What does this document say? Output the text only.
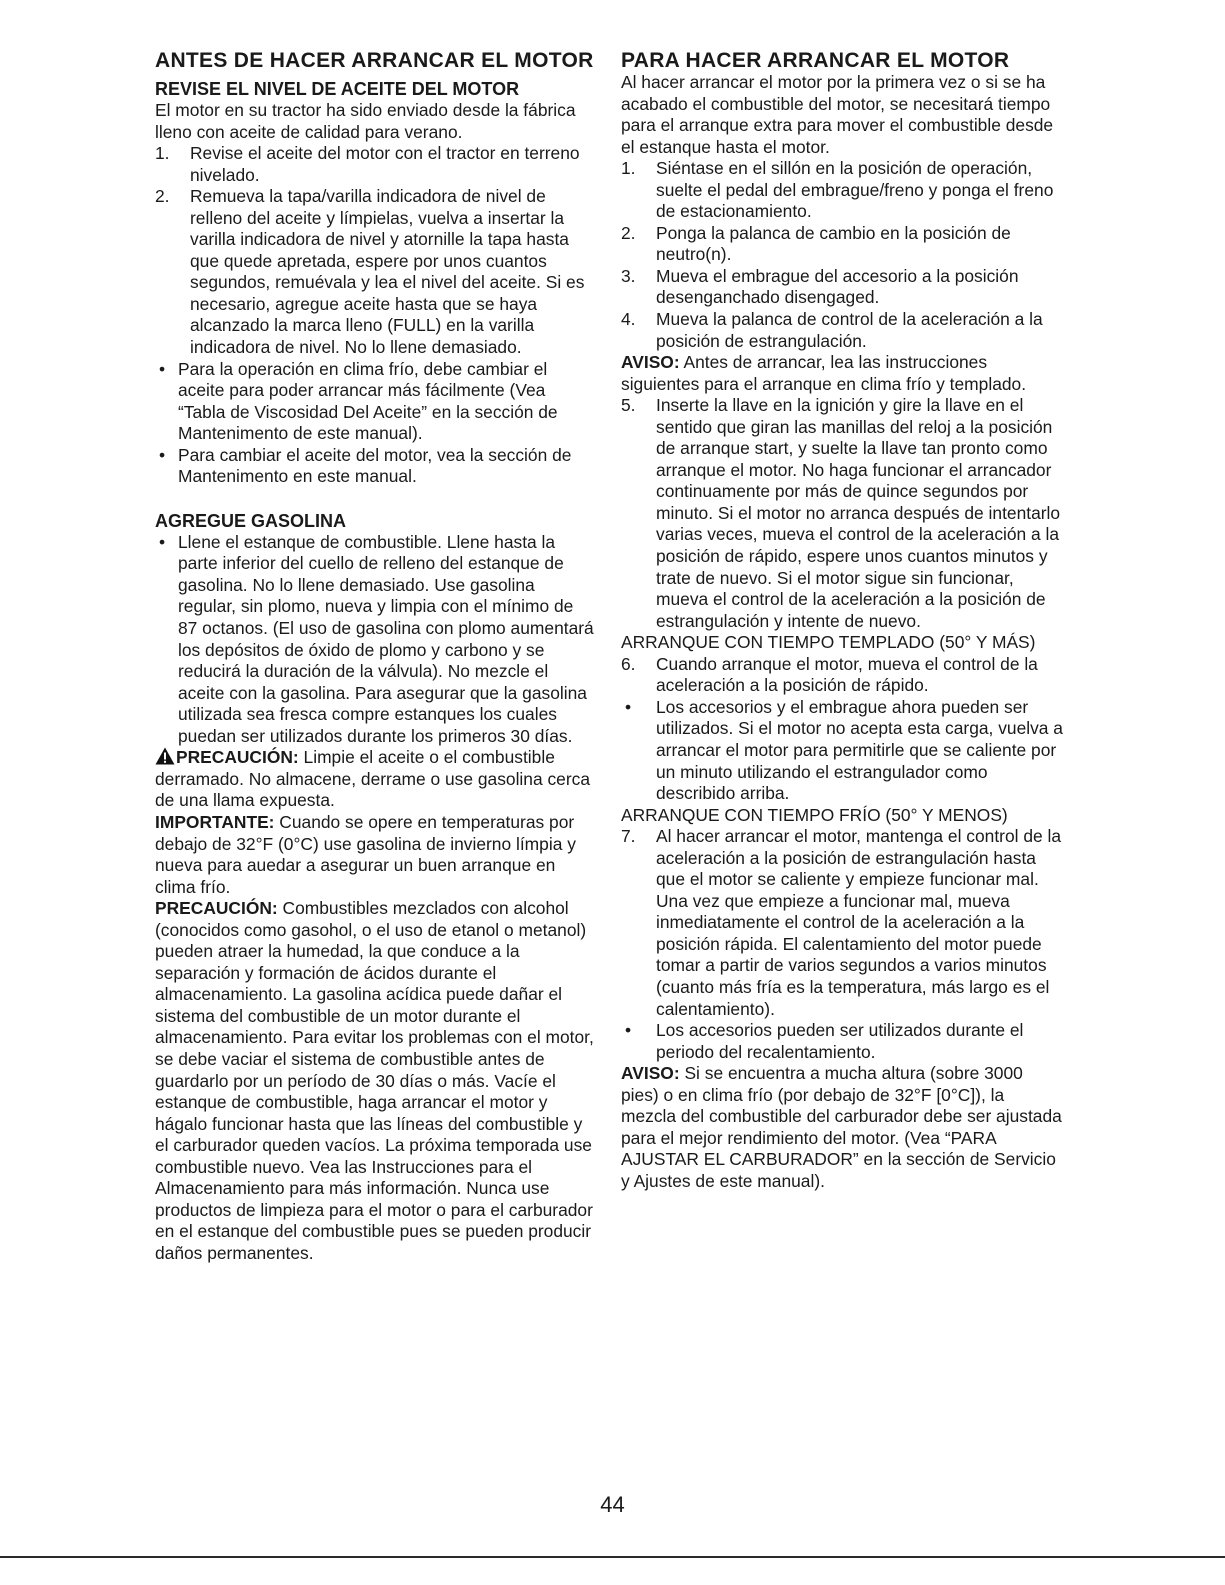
ANTES DE HACER ARRANCAR EL MOTOR
REVISE EL NIVEL DE ACEITE DEL MOTOR

El motor en su tractor ha sido enviado desde la fábrica lleno con aceite de calidad para verano.

1. Revise el aceite del motor con el tractor en terreno nivelado.
2. Remueva la tapa/varilla indicadora de nivel de relleno del aceite y límpielas, vuelva a insertar la varilla indicadora de nivel y atornille la tapa hasta que quede apretada, espere por unos cuantos segundos, remuévala y lea el nivel del aceite. Si es necesario, agregue aceite hasta que se haya alcanzado la marca lleno (FULL) en la varilla indicadora de nivel. No lo llene demasiado.
• Para la operación en clima frío, debe cambiar el aceite para poder arrancar más fácilmente (Vea “Tabla de Viscosidad Del Aceite” en la sección de Mantenimento de este manual).
• Para cambiar el aceite del motor, vea la sección de Mantenimento en este manual.
AGREGUE GASOLINA
• Llene el estanque de combustible. Llene hasta la parte inferior del cuello de relleno del estanque de gasolina. No lo llene demasiado. Use gasolina regular, sin plomo, nueva y limpia con el mínimo de 87 octanos. (El uso de gasolina con plomo aumentará los depósitos de óxido de plomo y carbono y se reducirá la duración de la válvula). No mezcle el aceite con la gasolina. Para asegurar que la gasolina utilizada sea fresca compre estanques los cuales puedan ser utilizados durante los primeros 30 días.

PRECAUCIÓN: Limpie el aceite o el combustible derramado. No almacene, derrame o use gasolina cerca de una llama expuesta.

IMPORTANTE: Cuando se opere en temperaturas por debajo de 32°F (0°C) use gasolina de invierno límpia y nueva para auedar a asegurar un buen arranque en clima frío.

PRECAUCIÓN: Combustibles mezclados con alcohol (conocidos como gasohol, o el uso de etanol o metanol) pueden atraer la humedad, la que conduce a la separación y formación de ácidos durante el almacenamiento. La gasolina acídica puede dañar el sistema del combustible de un motor durante el almacenamiento. Para evitar los problemas con el motor, se debe vaciar el sistema de combustible antes de guardarlo por un período de 30 días o más. Vacíe el estanque de combustible, haga arrancar el motor y hágalo funcionar hasta que las líneas del combustible y el carburador queden vacíos. La próxima temporada use combustible nuevo. Vea las Instrucciones para el Almacenamiento para más información. Nunca use productos de limpieza para el motor o para el carburador en el estanque del combustible pues se pueden producir daños permanentes.

PARA HACER ARRANCAR EL MOTOR

Al hacer arrancar el motor por la primera vez o si se ha acabado el combustible del motor, se necesitará tiempo para el arranque extra para mover el combustible desde el estanque hasta el motor.

1. Siéntase en el sillón en la posición de operación, suelte el pedal del embrague/freno y ponga el freno de estacionamiento.
2. Ponga la palanca de cambio en la posición de neutro(n).
3. Mueva el embrague del accesorio a la posición desenganchado disengaged.
4. Mueva la palanca de control de la aceleración a la posición de estrangulación.

AVISO: Antes de arrancar, lea las instrucciones siguientes para el arranque en clima frío y templado.

5. Inserte la llave en la ignición y gire la llave en el sentido que giran las manillas del reloj a la posición de arranque start, y suelte la llave tan pronto como arranque el motor. No haga funcionar el arrancador continuamente por más de quince segundos por minuto. Si el motor no arranca después de intentarlo varias veces, mueva el control de la aceleración a la posición de rápido, espere unos cuantos minutos y trate de nuevo. Si el motor sigue sin funcionar, mueva el control de la aceleración a la posición de estrangulación y intente de nuevo.

ARRANQUE CON TIEMPO TEMPLADO (50° Y MÁS)

6. Cuando arranque el motor, mueva el control de la aceleración a la posición de rápido.
• Los accesorios y el embrague ahora pueden ser utilizados. Si el motor no acepta esta carga, vuelva a arrancar el motor para permitirle que se caliente por un minuto utilizando el estrangulador como describido arriba.

ARRANQUE CON TIEMPO FRÍO (50° Y MENOS)

7. Al hacer arrancar el motor, mantenga el control de la aceleración a la posición de estrangulación hasta que el motor se caliente y empieze funcionar mal. Una vez que empieze a funcionar mal, mueva inmediatamente el control de la aceleración a la posición rápida. El calentamiento del motor puede tomar a partir de varios segundos a varios minutos (cuanto más fría es la temperatura, más largo es el calentamiento).
• Los accesorios pueden ser utilizados durante el periodo del recalentamiento.

AVISO: Si se encuentra a mucha altura (sobre 3000 pies) o en clima frío (por debajo de 32°F [0°C]), la mezcla del combustible del carburador debe ser ajustada para el mejor rendimiento del motor. (Vea “PARA AJUSTAR EL CARBURADOR” en la sección de Servicio y Ajustes de este manual).

44
